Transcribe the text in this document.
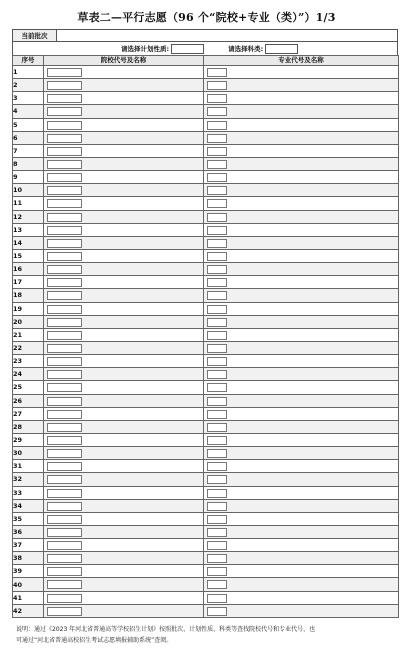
草表二—平行志愿（96 个“院校+专业（类）”）1/3
当前批次
请选择计划性质:	请选择科类:
序号	院校代号及名称	专业代号及名称
1	

2	

3	

4	

5	

6	

7	

8	

9	

10	

11	

12	

13	

14	

15	

16	

17	

18	

19	

20	

21	

22	

23	

24	

25	

26	

27	

28	

29	

30	

31	

32	

33	

34	

35	

36	

37	

38	

39	

40	

41	

42	

说明：通过《2023 年河北省普通高等学校招生计划》按照批次、计划性质、科类等查找院校代号和专业代号，也
可通过“河北省普通高校招生考试志愿填报辅助系统”查阅。
